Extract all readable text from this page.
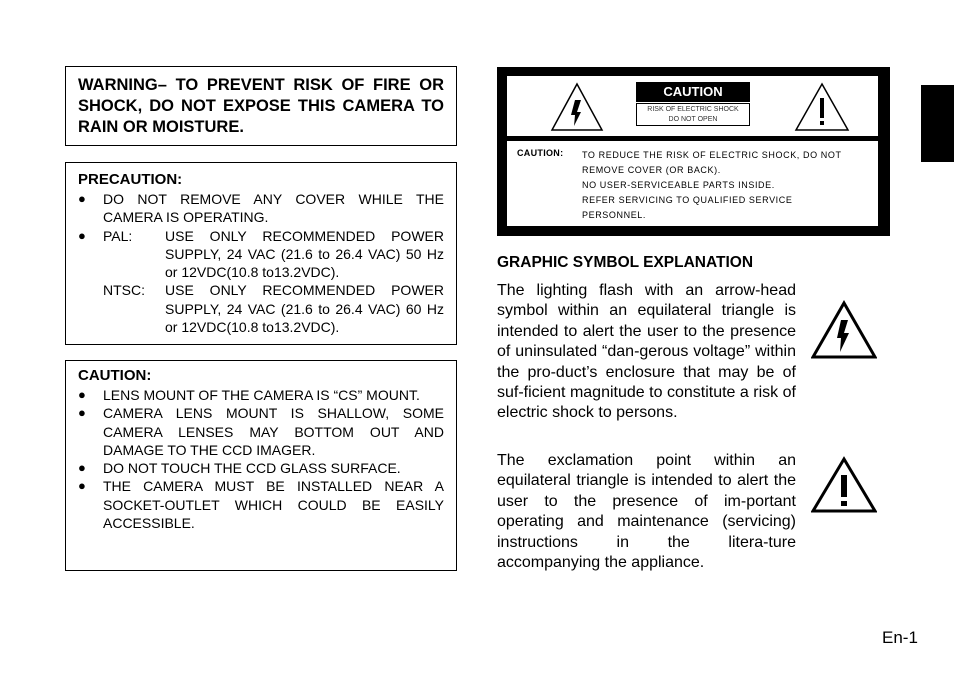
WARNING– TO PREVENT RISK OF FIRE OR SHOCK, DO NOT EXPOSE THIS CAMERA TO RAIN OR MOISTURE.

PRECAUTION:
●	DO NOT REMOVE ANY COVER WHILE THE CAMERA IS OPERATING.
●	PAL:	USE ONLY RECOMMENDED POWER SUPPLY, 24 VAC (21.6 to 26.4 VAC) 50 Hz or 12VDC(10.8 to13.2VDC).
NTSC:	USE ONLY RECOMMENDED POWER SUPPLY, 24 VAC (21.6 to 26.4 VAC) 60 Hz or 12VDC(10.8 to13.2VDC).
CAUTION:
●	LENS MOUNT OF THE CAMERA IS “CS” MOUNT.
●	CAMERA LENS MOUNT IS SHALLOW, SOME CAMERA LENSES MAY BOTTOM OUT AND DAMAGE TO THE CCD IMAGER.
●	DO NOT TOUCH THE CCD GLASS SURFACE.
●	THE CAMERA MUST BE INSTALLED NEAR A SOCKET-OUTLET WHICH COULD BE EASILY ACCESSIBLE.
CAUTION
RISK OF ELECTRIC SHOCK
DO NOT OPEN
CAUTION: TO REDUCE THE RISK OF ELECTRIC SHOCK, DO NOT
REMOVE COVER (OR BACK).
NO USER-SERVICEABLE PARTS INSIDE.
REFER SERVICING TO QUALIFIED SERVICE
PERSONNEL.
GRAPHIC SYMBOL EXPLANATION

The lighting flash with an arrow-head symbol within an equilateral triangle is intended to alert the user to the presence of uninsulated “dan-gerous voltage” within the pro-duct’s enclosure that may be of suf-ficient magnitude to constitute a risk of electric shock to persons.

The exclamation point within an equilateral triangle is intended to alert the user to the presence of im-portant operating and maintenance (servicing) instructions in the litera-ture accompanying the appliance.

En-1
